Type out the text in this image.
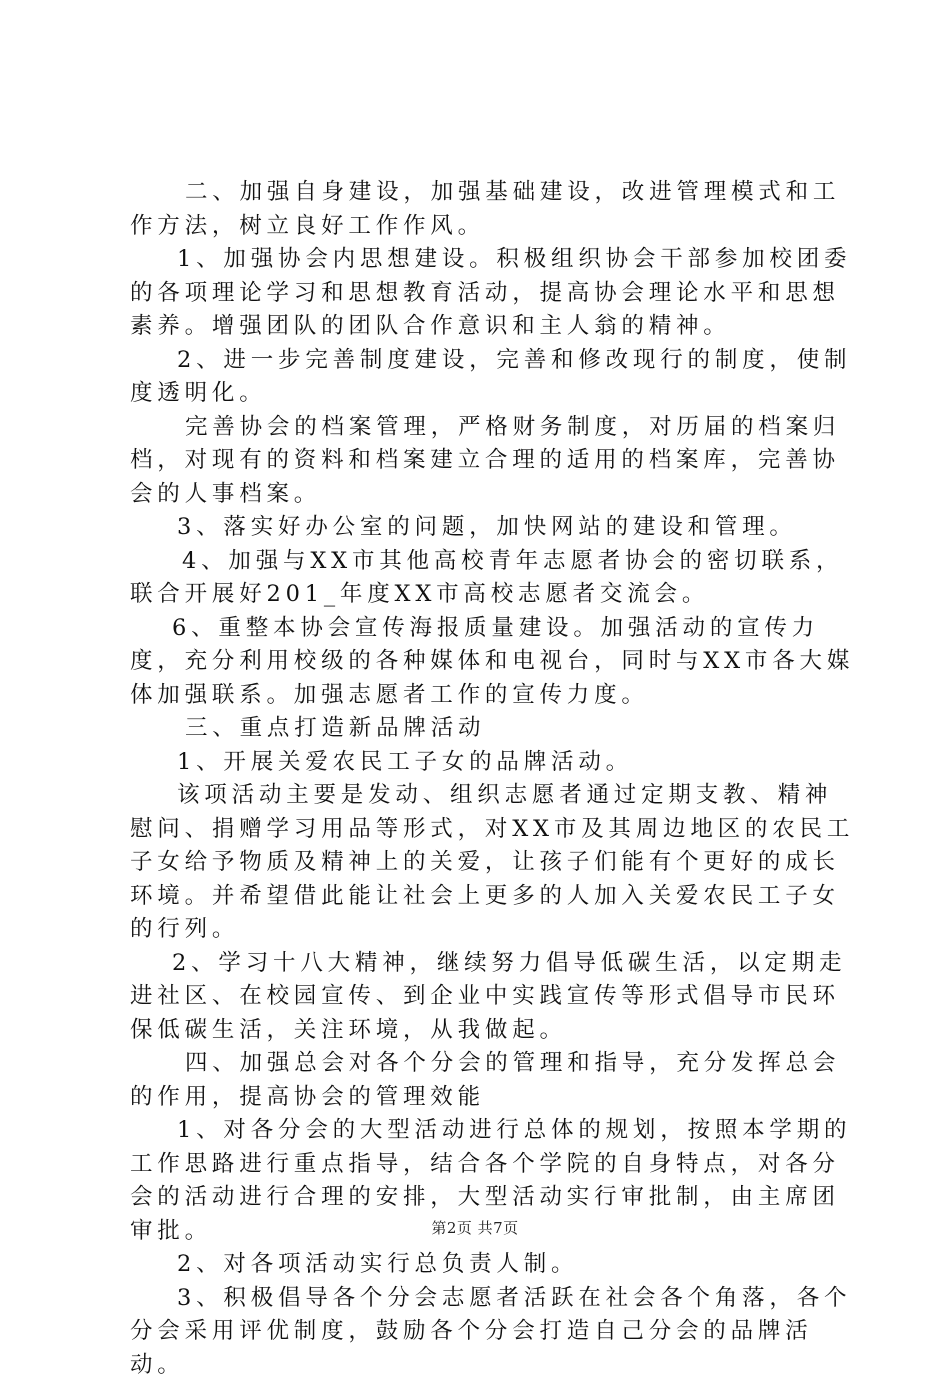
二、加强自身建设，加强基础建设，改进管理模式和工作方法，树立良好工作作风。

1、加强协会内思想建设。积极组织协会干部参加校团委的各项理论学习和思想教育活动，提高协会理论水平和思想素养。增强团队的团队合作意识和主人翁的精神。

2、进一步完善制度建设，完善和修改现行的制度，使制度透明化。

完善协会的档案管理，严格财务制度，对历届的档案归档，对现有的资料和档案建立合理的适用的档案库，完善协会的人事档案。

3、落实好办公室的问题，加快网站的建设和管理。

4、加强与XX市其他高校青年志愿者协会的密切联系，联合开展好201_年度XX市高校志愿者交流会。

6、重整本协会宣传海报质量建设。加强活动的宣传力度，充分利用校级的各种媒体和电视台，同时与XX市各大媒体加强联系。加强志愿者工作的宣传力度。

三、重点打造新品牌活动

1、开展关爱农民工子女的品牌活动。

该项活动主要是发动、组织志愿者通过定期支教、精神慰问、捐赠学习用品等形式，对XX市及其周边地区的农民工子女给予物质及精神上的关爱，让孩子们能有个更好的成长环境。并希望借此能让社会上更多的人加入关爱农民工子女的行列。

2、学习十八大精神，继续努力倡导低碳生活，以定期走进社区、在校园宣传、到企业中实践宣传等形式倡导市民环保低碳生活，关注环境，从我做起。

四、加强总会对各个分会的管理和指导，充分发挥总会的作用，提高协会的管理效能

1、对各分会的大型活动进行总体的规划，按照本学期的工作思路进行重点指导，结合各个学院的自身特点，对各分会的活动进行合理的安排，大型活动实行审批制，由主席团审批。

2、对各项活动实行总负责人制。

3、积极倡导各个分会志愿者活跃在社会各个角落，各个分会采用评优制度，鼓励各个分会打造自己分会的品牌活动。

第2页 共7页
